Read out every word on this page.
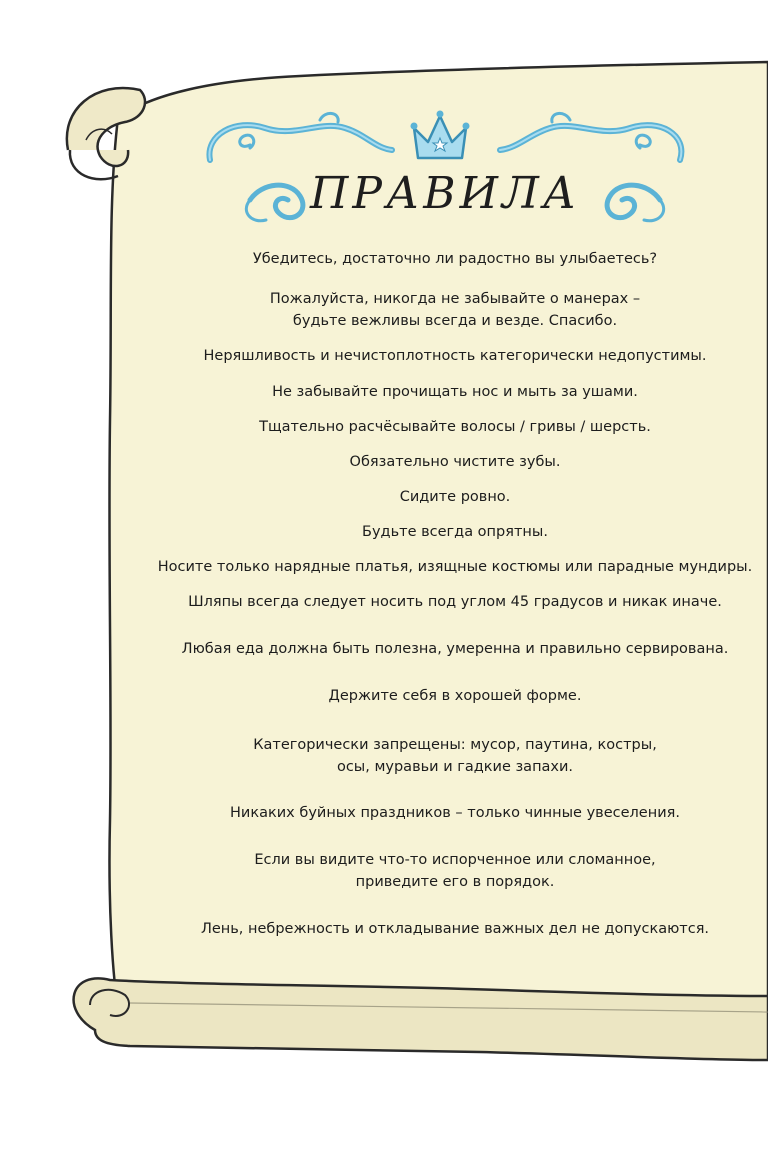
ПРАВИЛА
Убедитесь, достаточно ли радостно вы улыбаетесь?
Пожалуйста, никогда не забывайте о манерах –
будьте вежливы всегда и везде. Спасибо.
Неряшливость и нечистоплотность категорически недопустимы.
Не забывайте прочищать нос и мыть за ушами.
Тщательно расчёсывайте волосы / гривы / шерсть.
Обязательно чистите зубы.
Сидите ровно.
Будьте всегда опрятны.
Носите только нарядные платья, изящные костюмы или парадные мундиры.
Шляпы всегда следует носить под углом 45 градусов и никак иначе.
Любая еда должна быть полезна, умеренна и правильно сервирована.
Держите себя в хорошей форме.
Категорически запрещены: мусор, паутина, костры,
осы, муравьи и гадкие запахи.
Никаких буйных праздников – только чинные увеселения.
Если вы видите что-то испорченное или сломанное,
приведите его в порядок.
Лень, небрежность и откладывание важных дел не допускаются.
